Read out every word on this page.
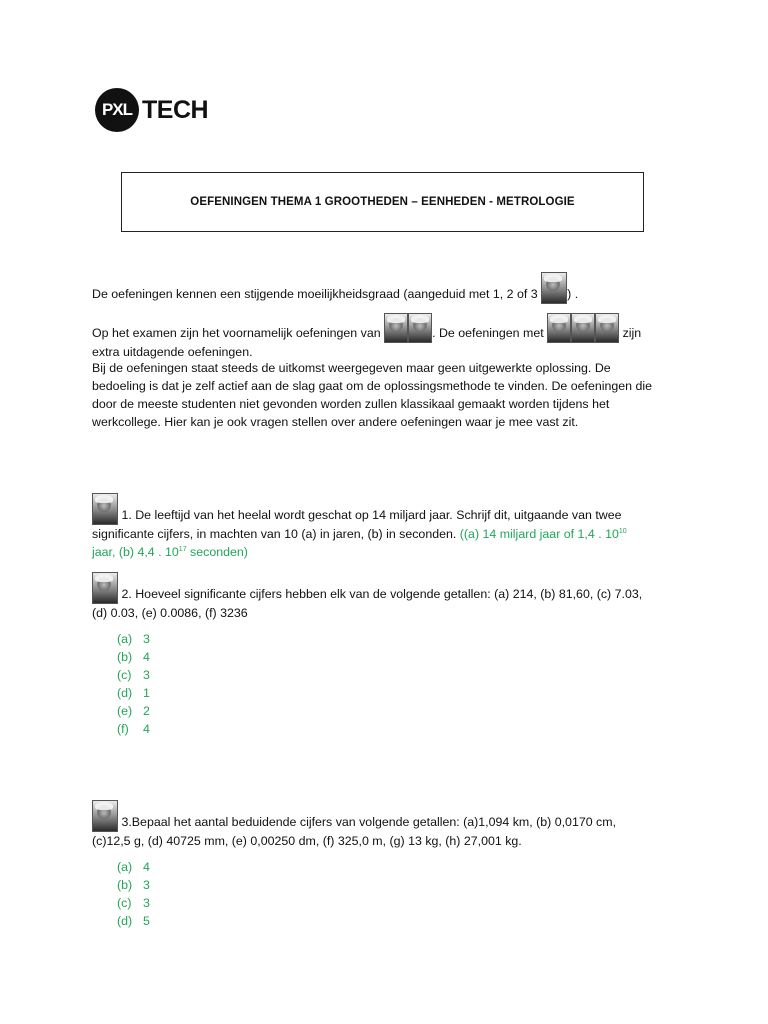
PXL TECH
OEFENINGEN THEMA 1 GROOTHEDEN – EENHEDEN - METROLOGIE
De oefeningen kennen een stijgende moeilijkheidsgraad (aangeduid met 1, 2 of 3 ) .
Op het examen zijn het voornamelijk oefeningen van	. De oefeningen met	zijn
extra uitdagende oefeningen.
Bij de oefeningen staat steeds de uitkomst weergegeven maar geen uitgewerkte oplossing. De
bedoeling is dat je zelf actief aan de slag gaat om de oplossingsmethode te vinden. De oefeningen die
door de meeste studenten niet gevonden worden zullen klassikaal gemaakt worden tijdens het
werkcollege. Hier kan je ook vragen stellen over andere oefeningen waar je mee vast zit.
1. De leeftijd van het heelal wordt geschat op 14 miljard jaar. Schrijf dit, uitgaande van twee
significante cijfers, in machten van 10 (a) in jaren, (b) in seconden. ((a) 14 miljard jaar of 1,4 . $10^{10}$
jaar, (b) 4,4 . $10^{17}$ seconden)
2. Hoeveel significante cijfers hebben elk van de volgende getallen: (a) 214, (b) 81,60, (c) 7.03,
(d) 0.03, (e) 0.0086, (f) 3236
(a) 3
(b) 4
(c) 3
(d) 1
(e) 2
(f)	4
3.Bepaal het aantal beduidende cijfers van volgende getallen: (a)1,094 km, (b) 0,0170 cm,
(c)12,5 g, (d) 40725 mm, (e) 0,00250 dm, (f) 325,0 m, (g) 13 kg, (h) 27,001 kg.
(a) 4
(b) 3
(c) 3
(d) 5
